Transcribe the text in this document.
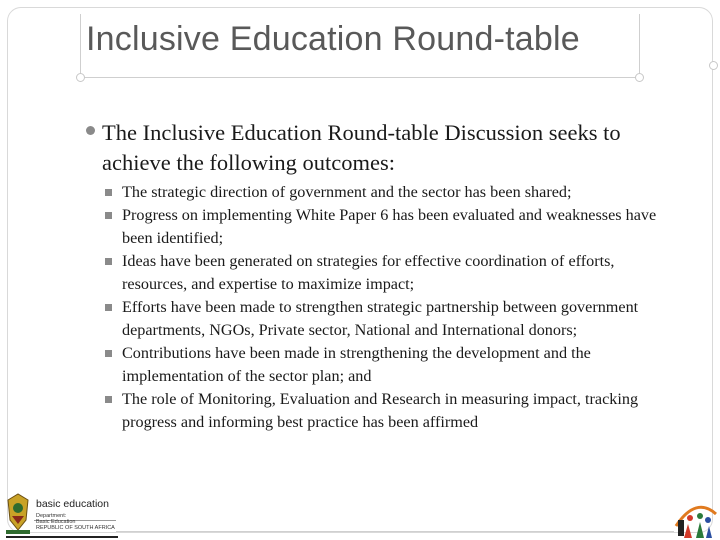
Inclusive Education Round-table
The Inclusive Education Round-table Discussion seeks to achieve the following outcomes:
The strategic direction of government and the sector has been shared;
Progress on implementing White Paper 6 has been evaluated and weaknesses have been identified;
Ideas have been generated on strategies for effective coordination of efforts, resources, and expertise to maximize impact;
Efforts have been made to strengthen strategic partnership between government departments, NGOs, Private sector, National and International donors;
Contributions have been made in strengthening the development and the implementation of the sector plan; and
The role of Monitoring, Evaluation and Research in measuring impact, tracking progress and informing best practice has been affirmed
basic education
Department:
Basic Education
REPUBLIC OF SOUTH AFRICA
